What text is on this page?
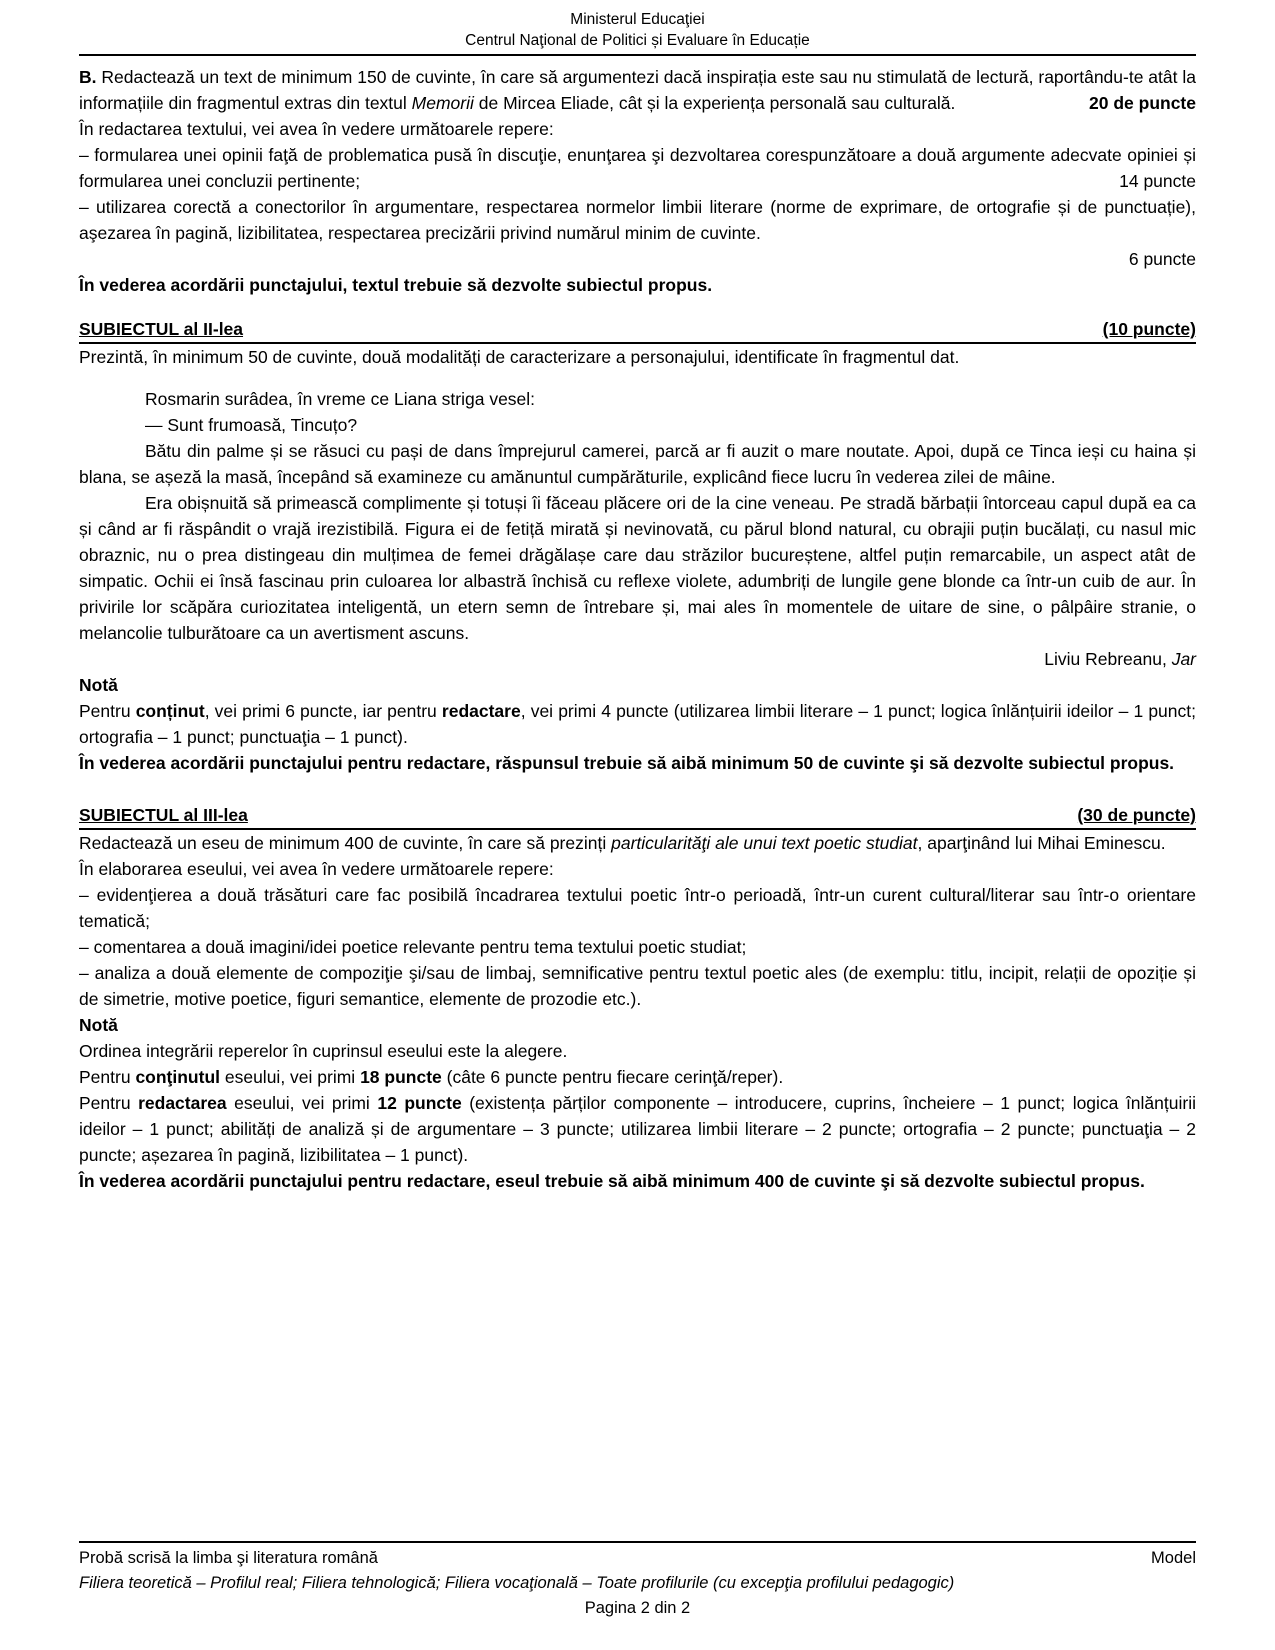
Ministerul Educaţiei
Centrul Naţional de Politici și Evaluare în Educație

B. Redactează un text de minimum 150 de cuvinte, în care să argumentezi dacă inspirația este sau nu stimulată de lectură, raportându-te atât la informațiile din fragmentul extras din textul Memorii de Mircea Eliade, cât și la experiența personală sau culturală.	20 de puncte

În redactarea textului, vei avea în vedere următoarele repere:

– formularea unei opinii faţă de problematica pusă în discuţie, enunţarea şi dezvoltarea corespunzătoare a două argumente adecvate opiniei și formularea unei concluzii pertinente;	14 puncte

– utilizarea corectă a conectorilor în argumentare, respectarea normelor limbii literare (norme de exprimare, de ortografie și de punctuație), aşezarea în pagină, lizibilitatea, respectarea precizării privind numărul minim de cuvinte.

6 puncte

În vederea acordării punctajului, textul trebuie să dezvolte subiectul propus.

SUBIECTUL al II-lea	(10 puncte)

Prezintă, în minimum 50 de cuvinte, două modalități de caracterizare a personajului, identificate în fragmentul dat.

Rosmarin surâdea, în vreme ce Liana striga vesel:

— Sunt frumoasă, Tincuțo?

Bătu din palme și se răsuci cu pași de dans împrejurul camerei, parcă ar fi auzit o mare noutate. Apoi, după ce Tinca ieși cu haina și blana, se așeză la masă, începând să examineze cu amănuntul cumpărăturile, explicând fiece lucru în vederea zilei de mâine.

Era obișnuită să primească complimente și totuși îi făceau plăcere ori de la cine veneau. Pe stradă bărbații întorceau capul după ea ca și când ar fi răspândit o vrajă irezistibilă. Figura ei de fetiță mirată și nevinovată, cu părul blond natural, cu obrajii puțin bucălați, cu nasul mic obraznic, nu o prea distingeau din mulțimea de femei drăgălașe care dau străzilor bucureștene, altfel puțin remarcabile, un aspect atât de simpatic. Ochii ei însă fascinau prin culoarea lor albastră închisă cu reflexe violete, adumbriți de lungile gene blonde ca într-un cuib de aur. În privirile lor scăpăra curiozitatea inteligentă, un etern semn de întrebare și, mai ales în momentele de uitare de sine, o pâlpâire stranie, o melancolie tulburătoare ca un avertisment ascuns.

Liviu Rebreanu, Jar

Notă

Pentru conținut, vei primi 6 puncte, iar pentru redactare, vei primi 4 puncte (utilizarea limbii literare – 1 punct; logica înlănțuirii ideilor – 1 punct; ortografia – 1 punct; punctuaţia – 1 punct).

În vederea acordării punctajului pentru redactare, răspunsul trebuie să aibă minimum 50 de cuvinte şi să dezvolte subiectul propus.

SUBIECTUL al III-lea	(30 de puncte)

Redactează un eseu de minimum 400 de cuvinte, în care să prezinți particularităţi ale unui text poetic studiat, aparţinând lui Mihai Eminescu.

În elaborarea eseului, vei avea în vedere următoarele repere:

– evidenţierea a două trăsături care fac posibilă încadrarea textului poetic într-o perioadă, într-un curent cultural/literar sau într-o orientare tematică;

– comentarea a două imagini/idei poetice relevante pentru tema textului poetic studiat;

– analiza a două elemente de compoziţie şi/sau de limbaj, semnificative pentru textul poetic ales (de exemplu: titlu, incipit, relații de opoziție și de simetrie, motive poetice, figuri semantice, elemente de prozodie etc.).

Notă

Ordinea integrării reperelor în cuprinsul eseului este la alegere.

Pentru conţinutul eseului, vei primi 18 puncte (câte 6 puncte pentru fiecare cerinţă/reper).

Pentru redactarea eseului, vei primi 12 puncte (existența părților componente – introducere, cuprins, încheiere – 1 punct; logica înlănțuirii ideilor – 1 punct; abilități de analiză și de argumentare – 3 puncte; utilizarea limbii literare – 2 puncte; ortografia – 2 puncte; punctuaţia – 2 puncte; așezarea în pagină, lizibilitatea – 1 punct).

În vederea acordării punctajului pentru redactare, eseul trebuie să aibă minimum 400 de cuvinte şi să dezvolte subiectul propus.

Probă scrisă la limba şi literatura română	Model

Filiera teoretică – Profilul real; Filiera tehnologică; Filiera vocaţională – Toate profilurile (cu excepţia profilului pedagogic)

Pagina 2 din 2
